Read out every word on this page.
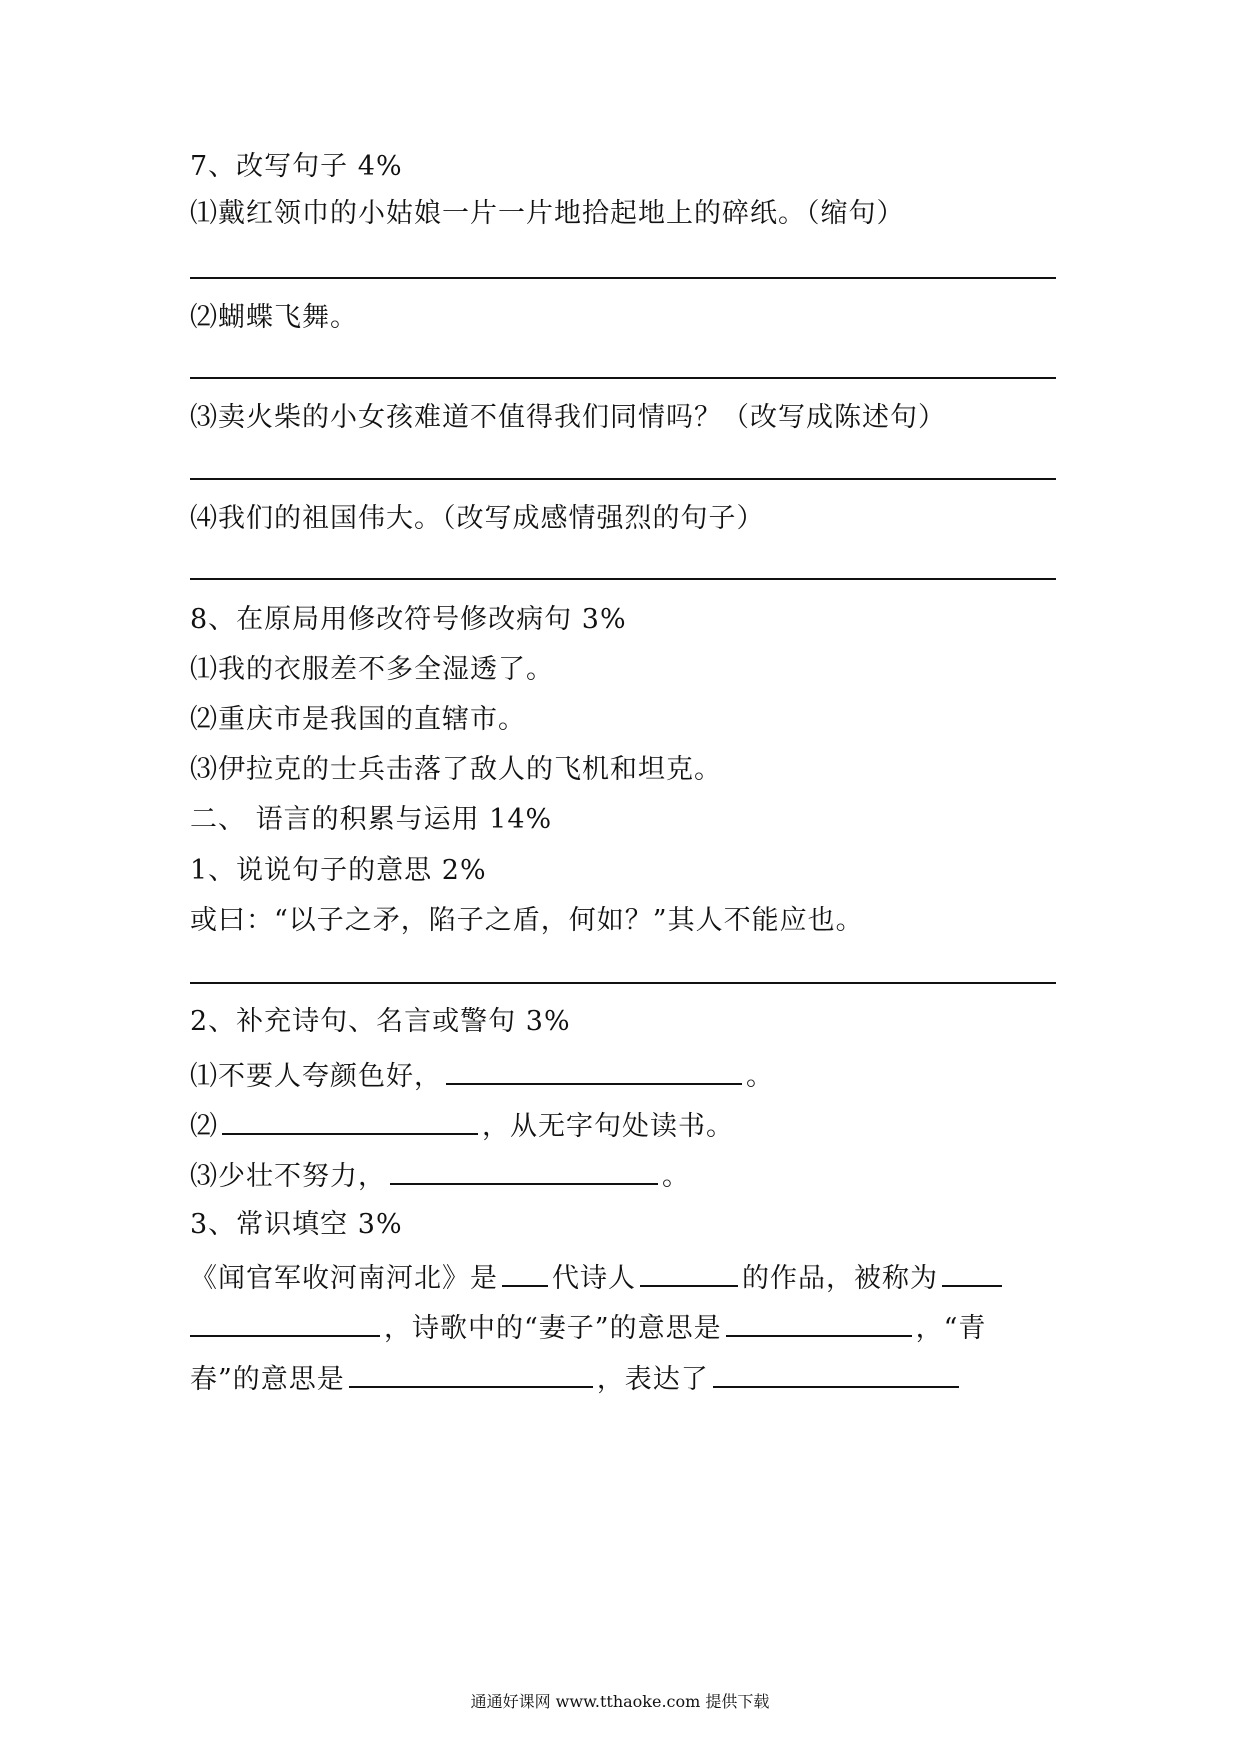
7、改写句子 4%
⑴戴红领巾的小姑娘一片一片地拾起地上的碎纸。（缩句）
⑵蝴蝶飞舞。
⑶卖火柴的小女孩难道不值得我们同情吗？（改写成陈述句）
⑷我们的祖国伟大。（改写成感情强烈的句子）
8、在原局用修改符号修改病句 3%
⑴我的衣服差不多全湿透了。
⑵重庆市是我国的直辖市。
⑶伊拉克的士兵击落了敌人的飞机和坦克。
二、 语言的积累与运用 14%
1、说说句子的意思 2%
或曰：“以子之矛，陷子之盾，何如？”其人不能应也。
2、补充诗句、名言或警句 3%
⑴不要人夸颜色好，	。
⑵	，从无字句处读书。
⑶少壮不努力，	。
3、常识填空 3%
《闻官军收河南河北》是 代诗人	的作品，被称为
，诗歌中的“妻子”的意思是	，“青
春”的意思是	，表达了
通通好课网 www.tthaoke.com 提供下载
